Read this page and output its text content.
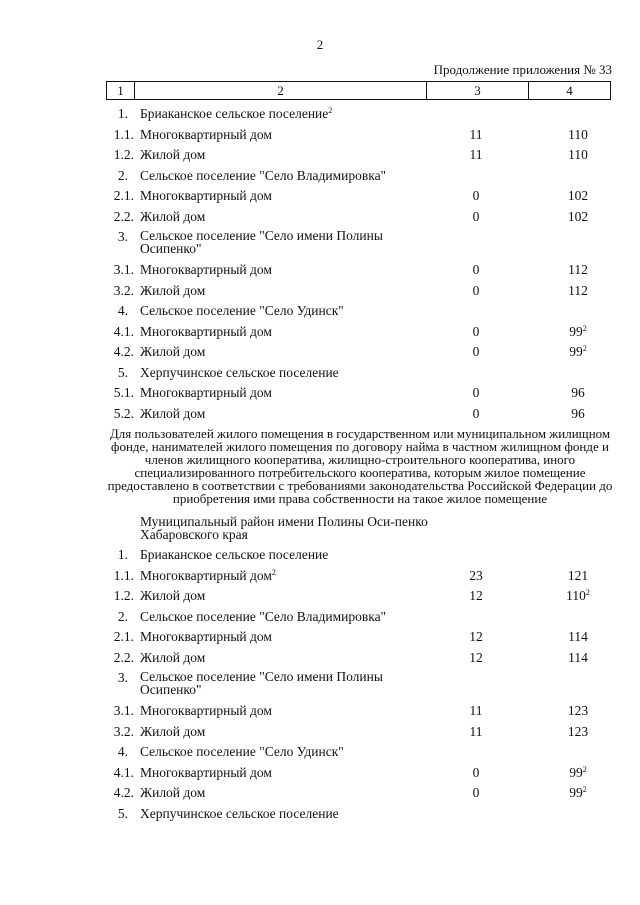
2
Продолжение приложения № 33
1	2	3	4
1. Бриаканское сельское поселение$^2$
1.1. Многоквартирный дом	11	110
1.2. Жилой дом	11	110
2. Сельское поселение "Село Владимировка"
2.1. Многоквартирный дом	0	102
2.2. Жилой дом	0	102
3. Сельское поселение "Село имени Полины Осипенко"
3.1. Многоквартирный дом	0	112
3.2. Жилой дом	0	112
4. Сельское поселение "Село Удинск"
4.1. Многоквартирный дом	0	$99^2$
4.2. Жилой дом	0	$99^2$
5. Херпучинское сельское поселение
5.1. Многоквартирный дом	0	96
5.2. Жилой дом	0	96
Для пользователей жилого помещения в государственном или муниципальном жилищном фонде, нанимателей жилого помещения по договору найма в частном жилищном фонде и членов жилищного кооператива, жилищно-строительного кооператива, иного специализированного потребительского кооператива, которым жилое помещение предоставлено в соответствии с требованиями законодательства Российской Федерации до приобретения ими права собственности на такое жилое помещение
Муниципальный район имени Полины Оси-пенко Хабаровского края
1. Бриаканское сельское поселение
1.1. Многоквартирный дом$^2$	23	121
1.2. Жилой дом	12	$110^2$
2. Сельское поселение "Село Владимировка"
2.1. Многоквартирный дом	12	114
2.2. Жилой дом	12	114
3. Сельское поселение "Село имени Полины Осипенко"
3.1. Многоквартирный дом	11	123
3.2. Жилой дом	11	123
4. Сельское поселение "Село Удинск"
4.1. Многоквартирный дом	0	$99^2$
4.2. Жилой дом	0	$99^2$
5. Херпучинское сельское поселение
